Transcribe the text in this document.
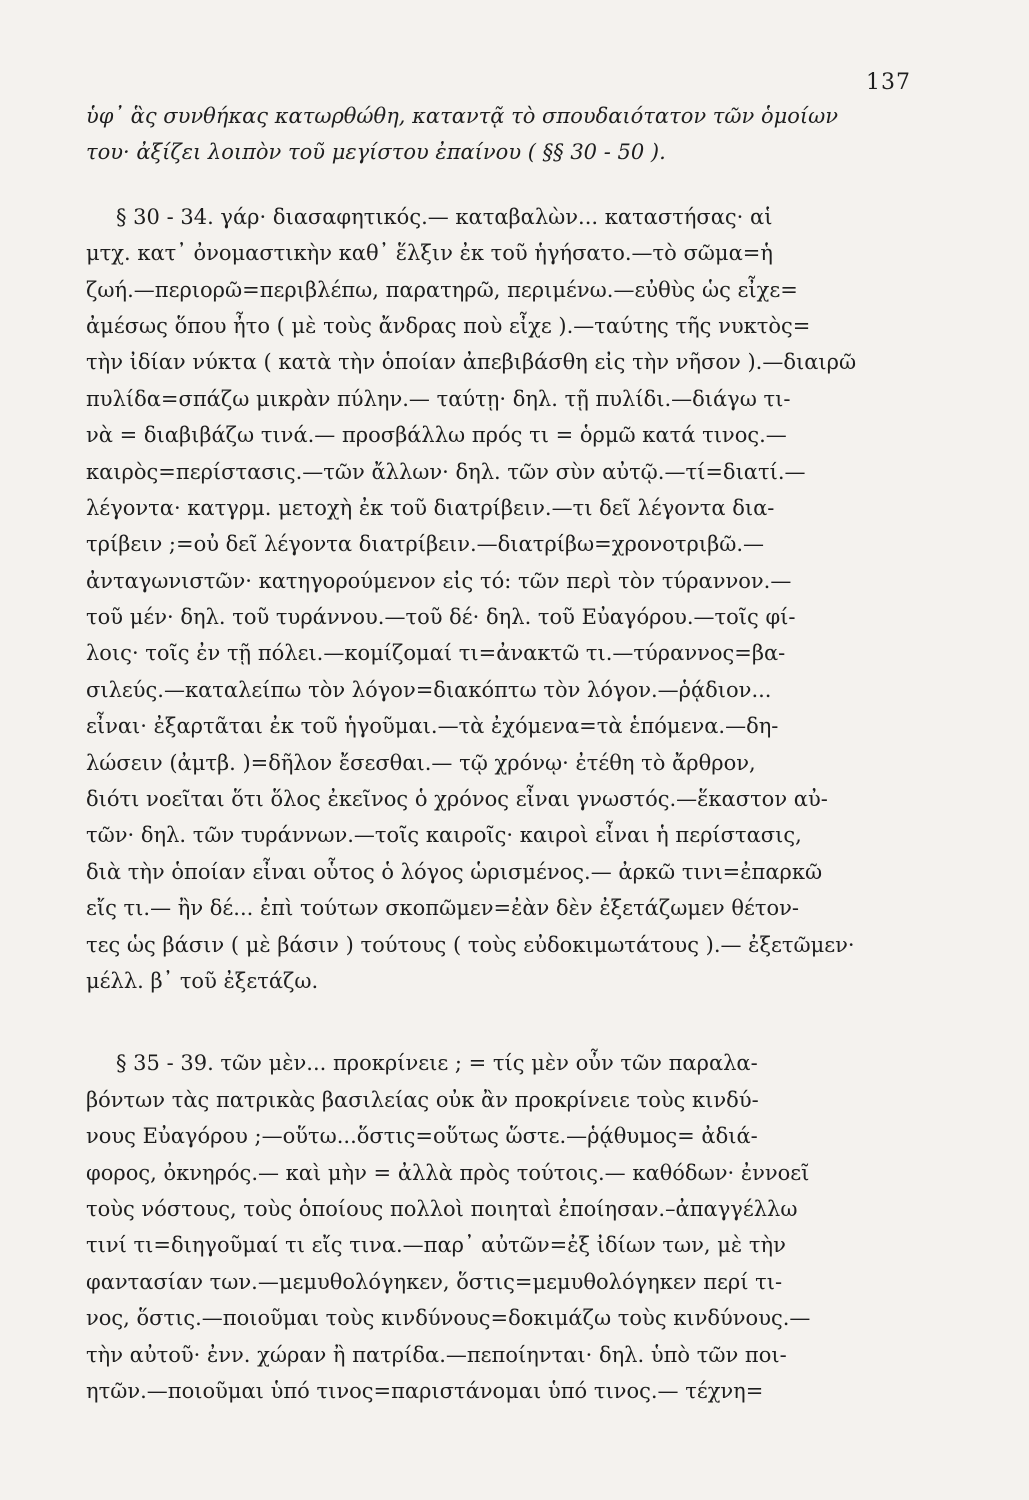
137
ὑφ᾿ ἃς συνθήκας κατωρθώθη, καταντᾷ τὸ σπουδαιότατον τῶν ὁμοίων
του· ἀξίζει λοιπὸν τοῦ μεγίστου ἐπαίνου ( §§ 30 - 50 ).
§ 30 - 34. γάρ· διασαφητικός.— καταβαλὼν... καταστήσας· αἱ
μτχ. κατ᾿ ὀνομαστικὴν καθ᾿ ἕλξιν ἐκ τοῦ ἡγήσατο.—τὸ σῶμα=ἡ
ζωή.—περιορῶ=περιβλέπω, παρατηρῶ, περιμένω.—εὐθὺς ὡς εἶχε=
ἀμέσως ὅπου ἦτο ( μὲ τοὺς ἄνδρας ποὺ εἶχε ).—ταύτης τῆς νυκτὸς=
τὴν ἰδίαν νύκτα ( κατὰ τὴν ὁποίαν ἀπεβιβάσθη εἰς τὴν νῆσον ).—διαιρῶ
πυλίδα=σπάζω μικρὰν πύλην.— ταύτῃ· δηλ. τῇ πυλίδι.—διάγω τι-
νὰ = διαβιβάζω τινά.— προσβάλλω πρός τι = ὁρμῶ κατά τινος.—
καιρὸς=περίστασις.—τῶν ἄλλων· δηλ. τῶν σὺν αὐτῷ.—τί=διατί.—
λέγοντα· κατγρμ. μετοχὴ ἐκ τοῦ διατρίβειν.—τι δεῖ λέγοντα δια-
τρίβειν ;=οὐ δεῖ λέγοντα διατρίβειν.—διατρίβω=χρονοτριβῶ.—
ἀνταγωνιστῶν· κατηγορούμενον εἰς τό: τῶν περὶ τὸν τύραννον.—
τοῦ μέν· δηλ. τοῦ τυράννου.—τοῦ δέ· δηλ. τοῦ Εὐαγόρου.—τοῖς φί-
λοις· τοῖς ἐν τῇ πόλει.—κομίζομαί τι=ἀνακτῶ τι.—τύραννος=βα-
σιλεύς.—καταλείπω τὸν λόγον=διακόπτω τὸν λόγον.—ῥᾴδιον...
εἶναι· ἐξαρτᾶται ἐκ τοῦ ἡγοῦμαι.—τὰ ἐχόμενα=τὰ ἑπόμενα.—δη-
λώσειν (ἀμτβ. )=δῆλον ἔσεσθαι.— τῷ χρόνῳ· ἐτέθη τὸ ἄρθρον,
διότι νοεῖται ὅτι ὅλος ἐκεῖνος ὁ χρόνος εἶναι γνωστός.—ἕκαστον αὐ-
τῶν· δηλ. τῶν τυράννων.—τοῖς καιροῖς· καιροὶ εἶναι ἡ περίστασις,
διὰ τὴν ὁποίαν εἶναι οὗτος ὁ λόγος ὡρισμένος.— ἀρκῶ τινι=ἐπαρκῶ
εἴς τι.— ἢν δέ... ἐπὶ τούτων σκοπῶμεν=ἐὰν δὲν ἐξετάζωμεν θέτον-
τες ὡς βάσιν ( μὲ βάσιν ) τούτους ( τοὺς εὐδοκιμωτάτους ).— ἐξετῶμεν·
μέλλ. β᾿ τοῦ ἐξετάζω.
§ 35 - 39. τῶν μὲν... προκρίνειε ; = τίς μὲν οὖν τῶν παραλα-
βόντων τὰς πατρικὰς βασιλείας οὐκ ἂν προκρίνειε τοὺς κινδύ-
νους Εὐαγόρου ;—οὕτω...ὅστις=οὕτως ὥστε.—ῥᾴθυμος= ἀδιά-
φορος, ὀκνηρός.— καὶ μὴν = ἀλλὰ πρὸς τούτοις.— καθόδων· ἐννοεῖ
τοὺς νόστους, τοὺς ὁποίους πολλοὶ ποιηταὶ ἐποίησαν.–ἀπαγγέλλω
τινί τι=διηγοῦμαί τι εἴς τινα.—παρ᾿ αὐτῶν=ἐξ ἰδίων των, μὲ τὴν
φαντασίαν των.—μεμυθολόγηκεν, ὅστις=μεμυθολόγηκεν περί τι-
νος, ὅστις.—ποιοῦμαι τοὺς κινδύνους=δοκιμάζω τοὺς κινδύνους.—
τὴν αὐτοῦ· ἐνν. χώραν ἢ πατρίδα.—πεποίηνται· δηλ. ὑπὸ τῶν ποι-
ητῶν.—ποιοῦμαι ὑπό τινος=παριστάνομαι ὑπό τινος.— τέχνη=
